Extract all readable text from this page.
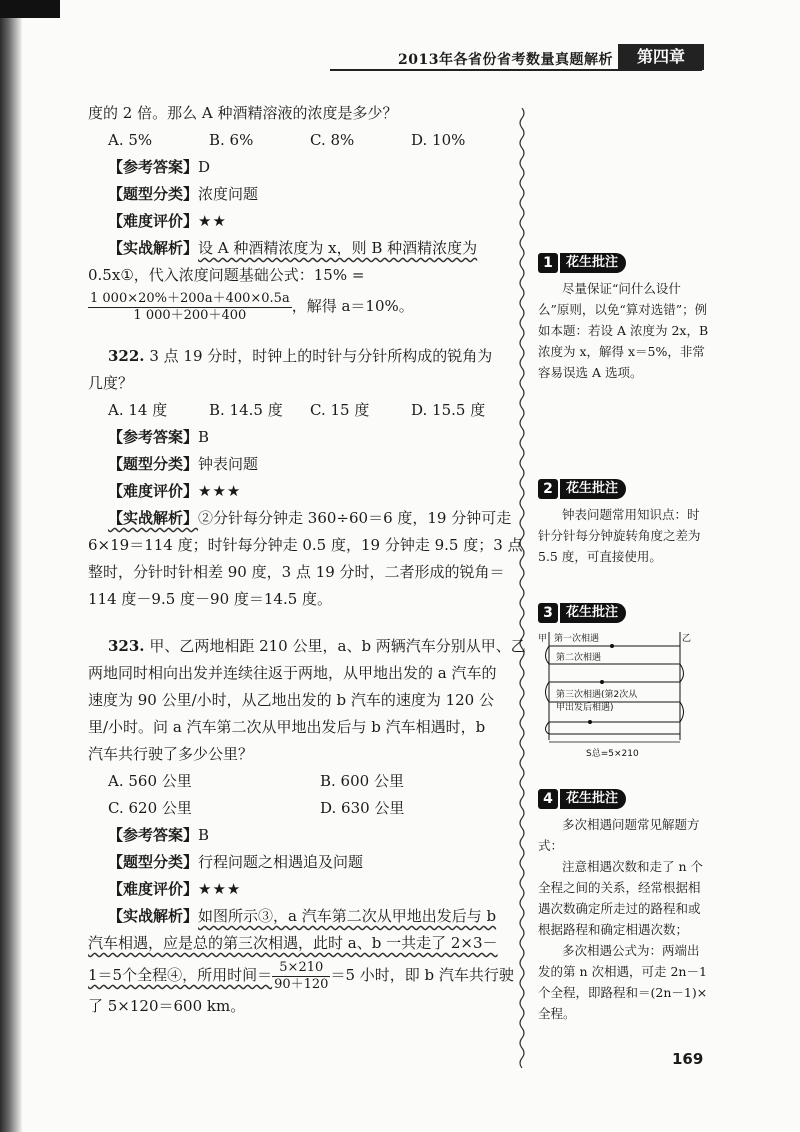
2013年各省份省考数量真题解析	第四章
度的 2 倍。那么 A 种酒精溶液的浓度是多少？
A. 5%	B. 6%	C. 8%	D. 10%
【参考答案】D
【题型分类】浓度问题
【难度评价】★★
【实战解析】设 A 种酒精浓度为 x，则 B 种酒精浓度为
0.5x①，代入浓度问题基础公式：15% =
$\frac{1 000\times 20\%+200a+400\times 0.5a}{1 000+200+400}$ ，解得 a＝10%。
322. 3 点 19 分时，时钟上的时针与分针所构成的锐角为
几度？
A. 14 度	B. 14.5 度	C. 15 度	D. 15.5 度
【参考答案】B
【题型分类】钟表问题
【难度评价】★★★
【实战解析】②分针每分钟走 360÷60＝6 度，19 分钟可走
6×19＝114 度；时针每分钟走 0.5 度，19 分钟走 9.5 度；3 点
整时，分针时针相差 90 度，3 点 19 分时，二者形成的锐角＝
114 度－9.5 度－90 度＝14.5 度。
323. 甲、乙两地相距 210 公里，a、b 两辆汽车分别从甲、乙
两地同时相向出发并连续往返于两地，从甲地出发的 a 汽车的
速度为 90 公里/小时，从乙地出发的 b 汽车的速度为 120 公
里/小时。问 a 汽车第二次从甲地出发后与 b 汽车相遇时，b
汽车共行驶了多少公里？
A. 560 公里	B. 600 公里
C. 620 公里	D. 630 公里
【参考答案】B
【题型分类】行程问题之相遇追及问题
【难度评价】★★★
【实战解析】如图所示③，a 汽车第二次从甲地出发后与 b
汽车相遇，应是总的第三次相遇，此时 a、b 一共走了 2×3－
1＝5个全程④，所用时间＝ $\frac{5\times 210}{90+120} =5$ 小时，即 b 汽车共行驶
了 5×120＝600 km。
1	花生批注

尽量保证“问什么设什么”原则，以免“算对选错”；例如本题：若设 A 浓度为 2x，B 浓度为 x，解得 x＝5%，非常容易误选 A 选项。

2	花生批注

钟表问题常用知识点：时针分针每分钟旋转角度之差为 5.5 度，可直接使用。

3	花生批注
甲	乙
第一次相遇
第二次相遇
第三次相遇(第2次从
甲出发后相遇)
S总=5×210
4	花生批注

多次相遇问题常见解题方式：

注意相遇次数和走了 n 个全程之间的关系，经常根据相遇次数确定所走过的路程和或根据路程和确定相遇次数；

多次相遇公式为：两端出发的第 n 次相遇，可走 2n－1 个全程，即路程和＝(2n－1)×全程。

169
